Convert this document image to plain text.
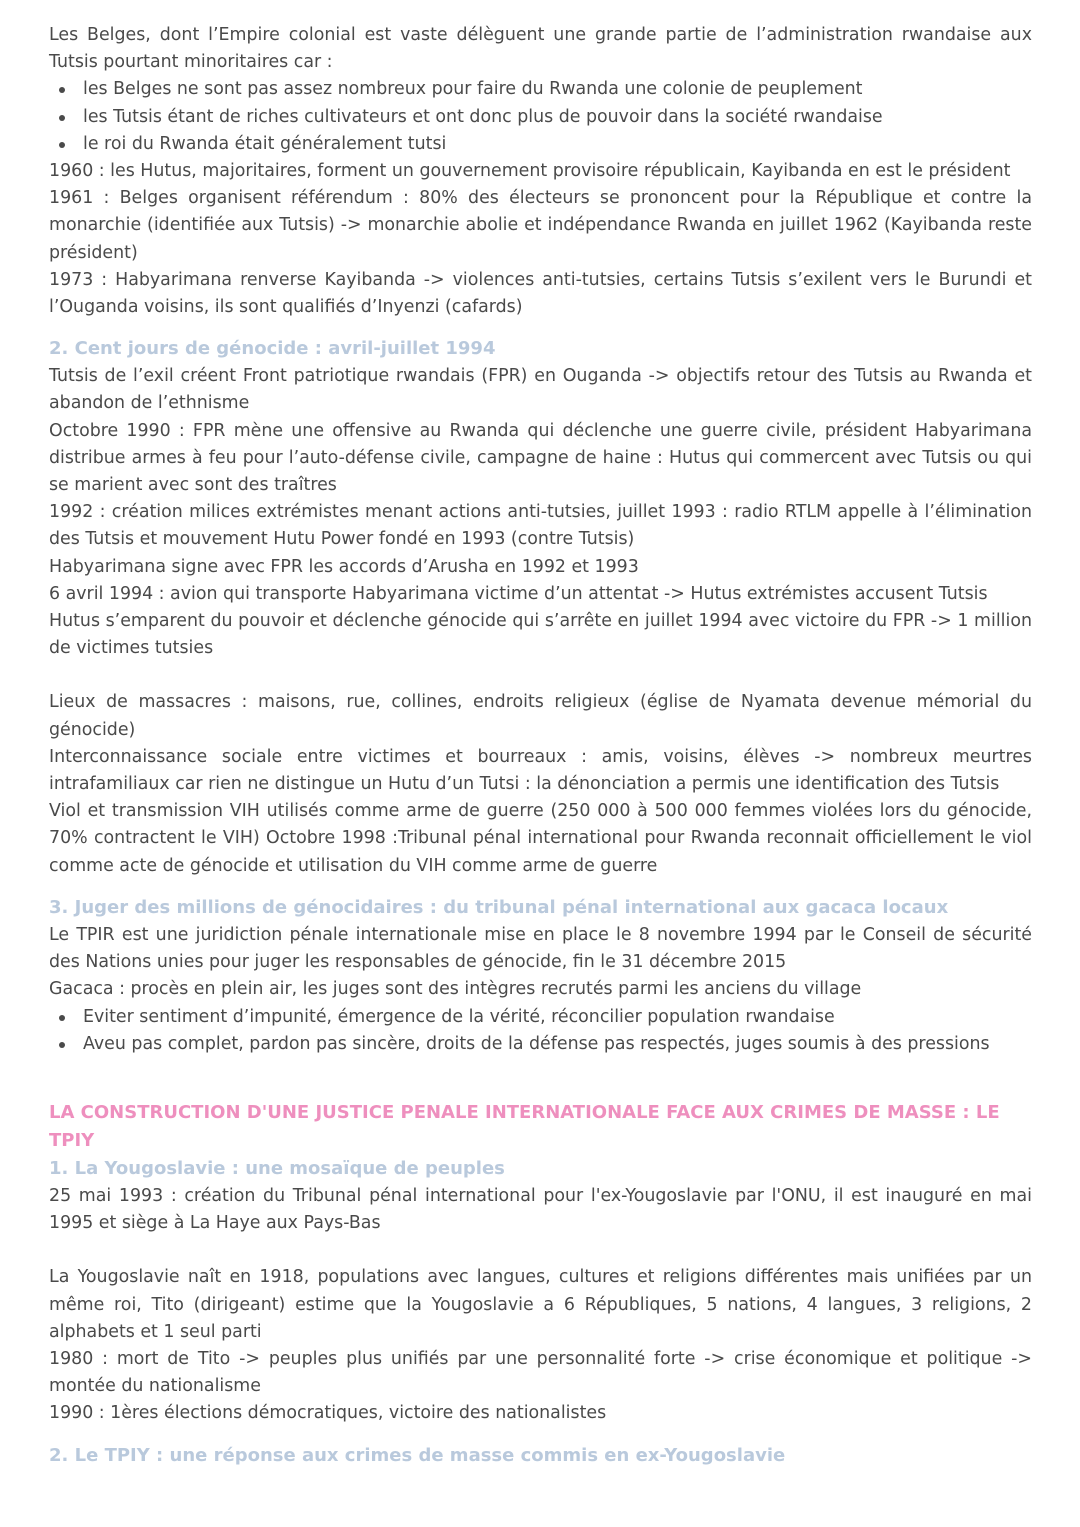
Les Belges, dont l’Empire colonial est vaste délèguent une grande partie de l’administration rwandaise aux Tutsis pourtant minoritaires car :

les Belges ne sont pas assez nombreux pour faire du Rwanda une colonie de peuplement
les Tutsis étant de riches cultivateurs et ont donc plus de pouvoir dans la société rwandaise
le roi du Rwanda était généralement tutsi

1960 : les Hutus, majoritaires, forment un gouvernement provisoire républicain, Kayibanda en est le président

1961 : Belges organisent référendum : 80% des électeurs se prononcent pour la République et contre la monarchie (identifiée aux Tutsis) -> monarchie abolie et indépendance Rwanda en juillet 1962 (Kayibanda reste président)

1973 : Habyarimana renverse Kayibanda -> violences anti-tutsies, certains Tutsis s’exilent vers le Burundi et l’Ouganda voisins, ils sont qualifiés d’Inyenzi (cafards)

2. Cent jours de génocide : avril-juillet 1994

Tutsis de l’exil créent Front patriotique rwandais (FPR) en Ouganda -> objectifs retour des Tutsis au Rwanda et abandon de l’ethnisme

Octobre 1990 : FPR mène une offensive au Rwanda qui déclenche une guerre civile, président Habyarimana distribue armes à feu pour l’auto-défense civile, campagne de haine : Hutus qui commercent avec Tutsis ou qui se marient avec sont des traîtres

1992 : création milices extrémistes menant actions anti-tutsies, juillet 1993 : radio RTLM appelle à l’élimination des Tutsis et mouvement Hutu Power fondé en 1993 (contre Tutsis)

Habyarimana signe avec FPR les accords d’Arusha en 1992 et 1993

6 avril 1994 : avion qui transporte Habyarimana victime d’un attentat -> Hutus extrémistes accusent Tutsis

Hutus s’emparent du pouvoir et déclenche génocide qui s’arrête en juillet 1994 avec victoire du FPR -> 1 million de victimes tutsies

Lieux de massacres : maisons, rue, collines, endroits religieux (église de Nyamata devenue mémorial du génocide)

Interconnaissance sociale entre victimes et bourreaux : amis, voisins, élèves -> nombreux meurtres intrafamiliaux car rien ne distingue un Hutu d’un Tutsi : la dénonciation a permis une identification des Tutsis

Viol et transmission VIH utilisés comme arme de guerre (250 000 à 500 000 femmes violées lors du génocide, 70% contractent le VIH) Octobre 1998 :Tribunal pénal international pour Rwanda reconnait officiellement le viol comme acte de génocide et utilisation du VIH comme arme de guerre

3. Juger des millions de génocidaires : du tribunal pénal international aux gacaca locaux

Le TPIR est une juridiction pénale internationale mise en place le 8 novembre 1994 par le Conseil de sécurité des Nations unies pour juger les responsables de génocide, fin le 31 décembre 2015

Gacaca : procès en plein air, les juges sont des intègres recrutés parmi les anciens du village

Eviter sentiment d’impunité, émergence de la vérité, réconcilier population rwandaise
Aveu pas complet, pardon pas sincère, droits de la défense pas respectés, juges soumis à des pressions
LA CONSTRUCTION D'UNE JUSTICE PENALE INTERNATIONALE FACE AUX CRIMES DE MASSE : LE TPIY
1. La Yougoslavie : une mosaïque de peuples

25 mai 1993 : création du Tribunal pénal international pour l'ex-Yougoslavie par l'ONU, il est inauguré en mai 1995 et siège à La Haye aux Pays-Bas

La Yougoslavie naît en 1918, populations avec langues, cultures et religions différentes mais unifiées par un même roi, Tito (dirigeant) estime que la Yougoslavie a 6 Républiques, 5 nations, 4 langues, 3 religions, 2 alphabets et 1 seul parti

1980 : mort de Tito -> peuples plus unifiés par une personnalité forte -> crise économique et politique -> montée du nationalisme

1990 : 1ères élections démocratiques, victoire des nationalistes

2. Le TPIY : une réponse aux crimes de masse commis en ex-Yougoslavie
